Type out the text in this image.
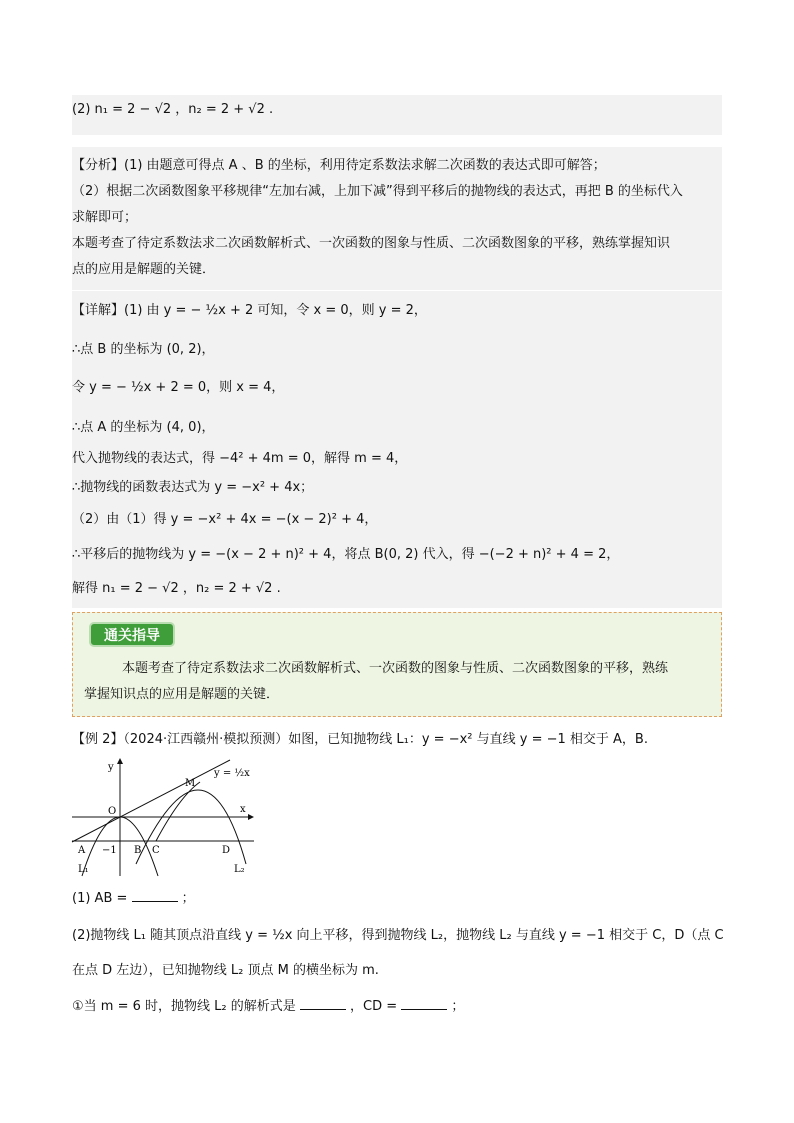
(2) n₁ = 2 − √2 ，n₂ = 2 + √2 .
【分析】(1) 由题意可得点 A 、B 的坐标，利用待定系数法求解二次函数的表达式即可解答；
（2）根据二次函数图象平移规律“左加右减，上加下减”得到平移后的抛物线的表达式，再把 B 的坐标代入
求解即可；
本题考查了待定系数法求二次函数解析式、一次函数的图象与性质、二次函数图象的平移，熟练掌握知识
点的应用是解题的关键．
【详解】(1) 由 y = − ½x + 2 可知，令 x = 0，则 y = 2，
∴点 B 的坐标为 (0, 2)，
令 y = − ½x + 2 = 0，则 x = 4，
∴点 A 的坐标为 (4, 0)，
代入抛物线的表达式，得 −4² + 4m = 0，解得 m = 4，
∴抛物线的函数表达式为 y = −x² + 4x；
（2）由（1）得 y = −x² + 4x = −(x − 2)² + 4，
∴平移后的抛物线为 y = −(x − 2 + n)² + 4，将点 B(0, 2) 代入，得 −(−2 + n)² + 4 = 2，
解得 n₁ = 2 − √2 ，n₂ = 2 + √2 .
通关指导
本题考查了待定系数法求二次函数解析式、一次函数的图象与性质、二次函数图象的平移，熟练
掌握知识点的应用是解题的关键．
【例 2】（2024·江西赣州·模拟预测）如图，已知抛物线 L₁：y = −x² 与直线 y = −1 相交于 A，B.
y
x
O
M
y = ½x
A −1 B C	D
L₁	L₂
(1) AB =	；
(2)抛物线 L₁ 随其顶点沿直线 y = ½x 向上平移，得到抛物线 L₂，抛物线 L₂ 与直线 y = −1 相交于 C，D（点 C
在点 D 左边），已知抛物线 L₂ 顶点 M 的横坐标为 m.
①当 m = 6 时，抛物线 L₂ 的解析式是	，CD =	；
